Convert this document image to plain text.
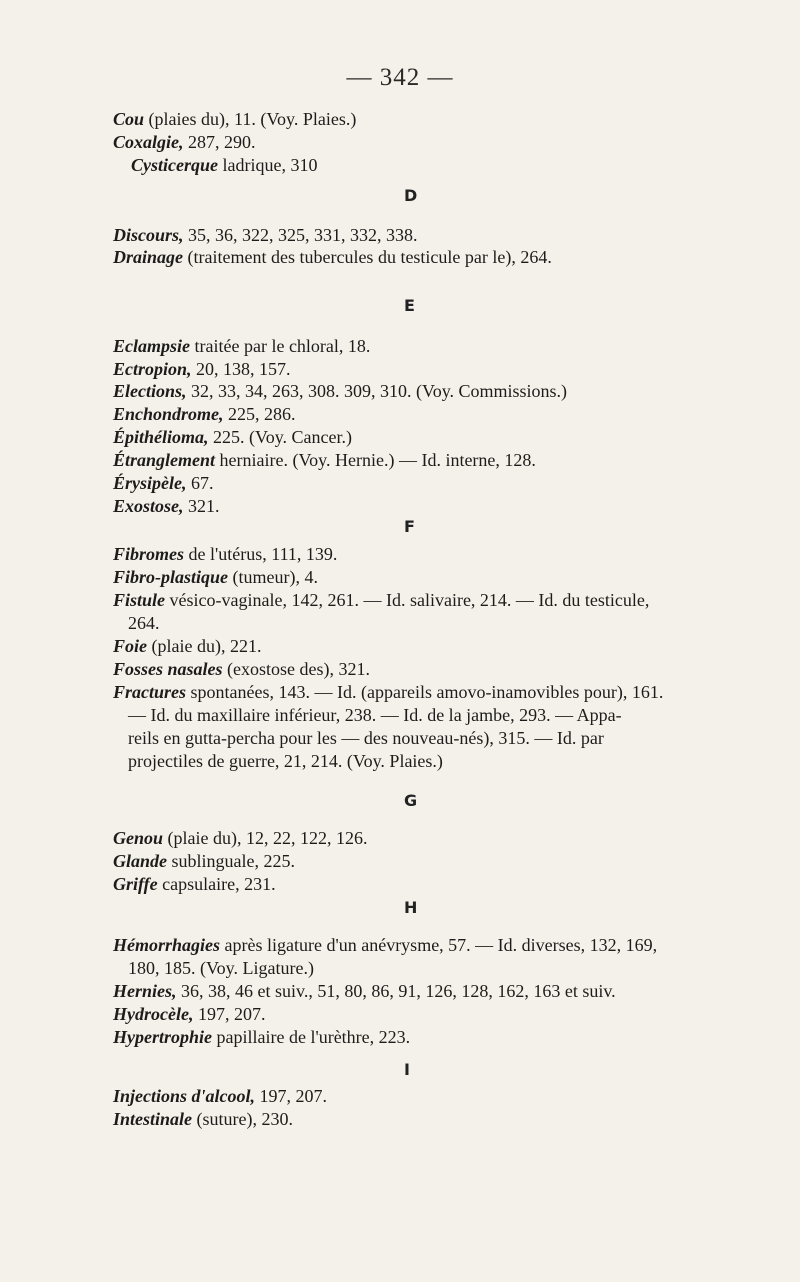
— 342 —
Cou (plaies du), 11. (Voy. Plaies.)
Coxalgie, 287, 290.
Cysticerque ladrique, 310
D
Discours, 35, 36, 322, 325, 331, 332, 338.
Drainage (traitement des tubercules du testicule par le), 264.
E
Eclampsie traitée par le chloral, 18.
Ectropion, 20, 138, 157.
Elections, 32, 33, 34, 263, 308. 309, 310. (Voy. Commissions.)
Enchondrome, 225, 286.
Épithélioma, 225. (Voy. Cancer.)
Étranglement herniaire. (Voy. Hernie.) — Id. interne, 128.
Érysipèle, 67.
Exostose, 321.
F
Fibromes de l'utérus, 111, 139.
Fibro-plastique (tumeur), 4.
Fistule vésico-vaginale, 142, 261. — Id. salivaire, 214. — Id. du testicule,
264.
Foie (plaie du), 221.
Fosses nasales (exostose des), 321.
Fractures spontanées, 143. — Id. (appareils amovo-inamovibles pour), 161.
— Id. du maxillaire inférieur, 238. — Id. de la jambe, 293. — Appa-
reils en gutta-percha pour les — des nouveau-nés), 315. — Id. par
projectiles de guerre, 21, 214. (Voy. Plaies.)
G
Genou (plaie du), 12, 22, 122, 126.
Glande sublinguale, 225.
Griffe capsulaire, 231.
H
Hémorrhagies après ligature d'un anévrysme, 57. — Id. diverses, 132, 169,
180, 185. (Voy. Ligature.)
Hernies, 36, 38, 46 et suiv., 51, 80, 86, 91, 126, 128, 162, 163 et suiv.
Hydrocèle, 197, 207.
Hypertrophie papillaire de l'urèthre, 223.
I
Injections d'alcool, 197, 207.
Intestinale (suture), 230.
